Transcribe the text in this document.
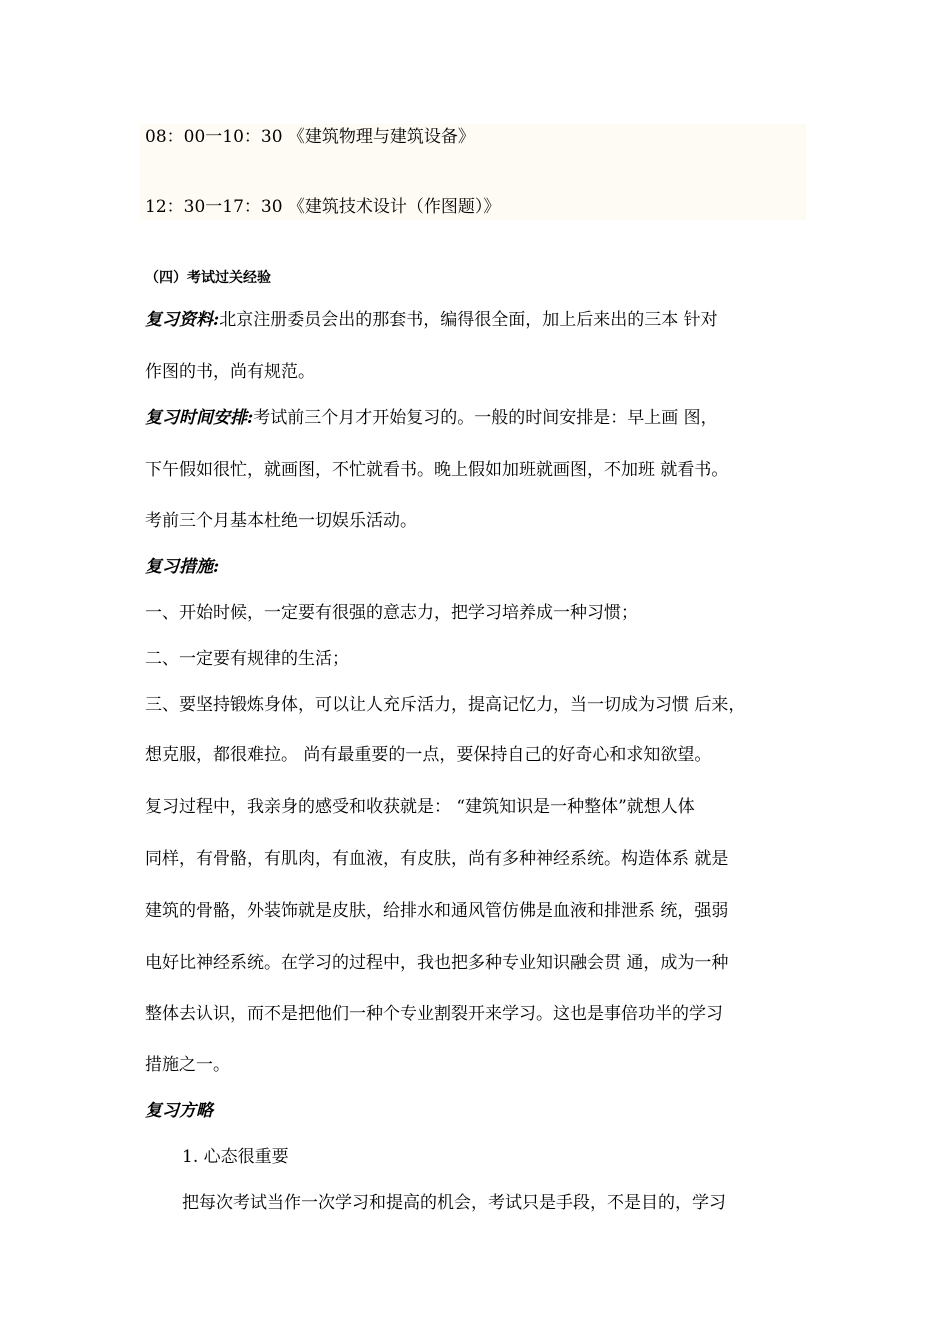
08：00一10：30 《建筑物理与建筑设备》
12：30一17：30 《建筑技术设计（作图题）》
（四）考试过关经验
复习资料:北京注册委员会出的那套书，编得很全面，加上后来出的三本 针对
作图的书，尚有规范。
复习时间安排:考试前三个月才开始复习的。一般的时间安排是：早上画 图，
下午假如很忙，就画图，不忙就看书。晚上假如加班就画图，不加班 就看书。
考前三个月基本杜绝一切娱乐活动。
复习措施:
一、开始时候，一定要有很强的意志力，把学习培养成一种习惯；
二、一定要有规律的生活；
三、要坚持锻炼身体，可以让人充斥活力，提高记忆力，当一切成为习惯 后来，
想克服，都很难拉。 尚有最重要的一点，要保持自己的好奇心和求知欲望。
复习过程中，我亲身的感受和收获就是： “建筑知识是一种整体”就想人体
同样，有骨骼，有肌肉，有血液，有皮肤，尚有多种神经系统。构造体系 就是
建筑的骨骼，外装饰就是皮肤，给排水和通风管仿佛是血液和排泄系 统，强弱
电好比神经系统。在学习的过程中，我也把多种专业知识融会贯 通，成为一种
整体去认识，而不是把他们一种个专业割裂开来学习。这也是事倍功半的学习
措施之一。
复习方略
1. 心态很重要
把每次考试当作一次学习和提高的机会，考试只是手段，不是目的，学习
